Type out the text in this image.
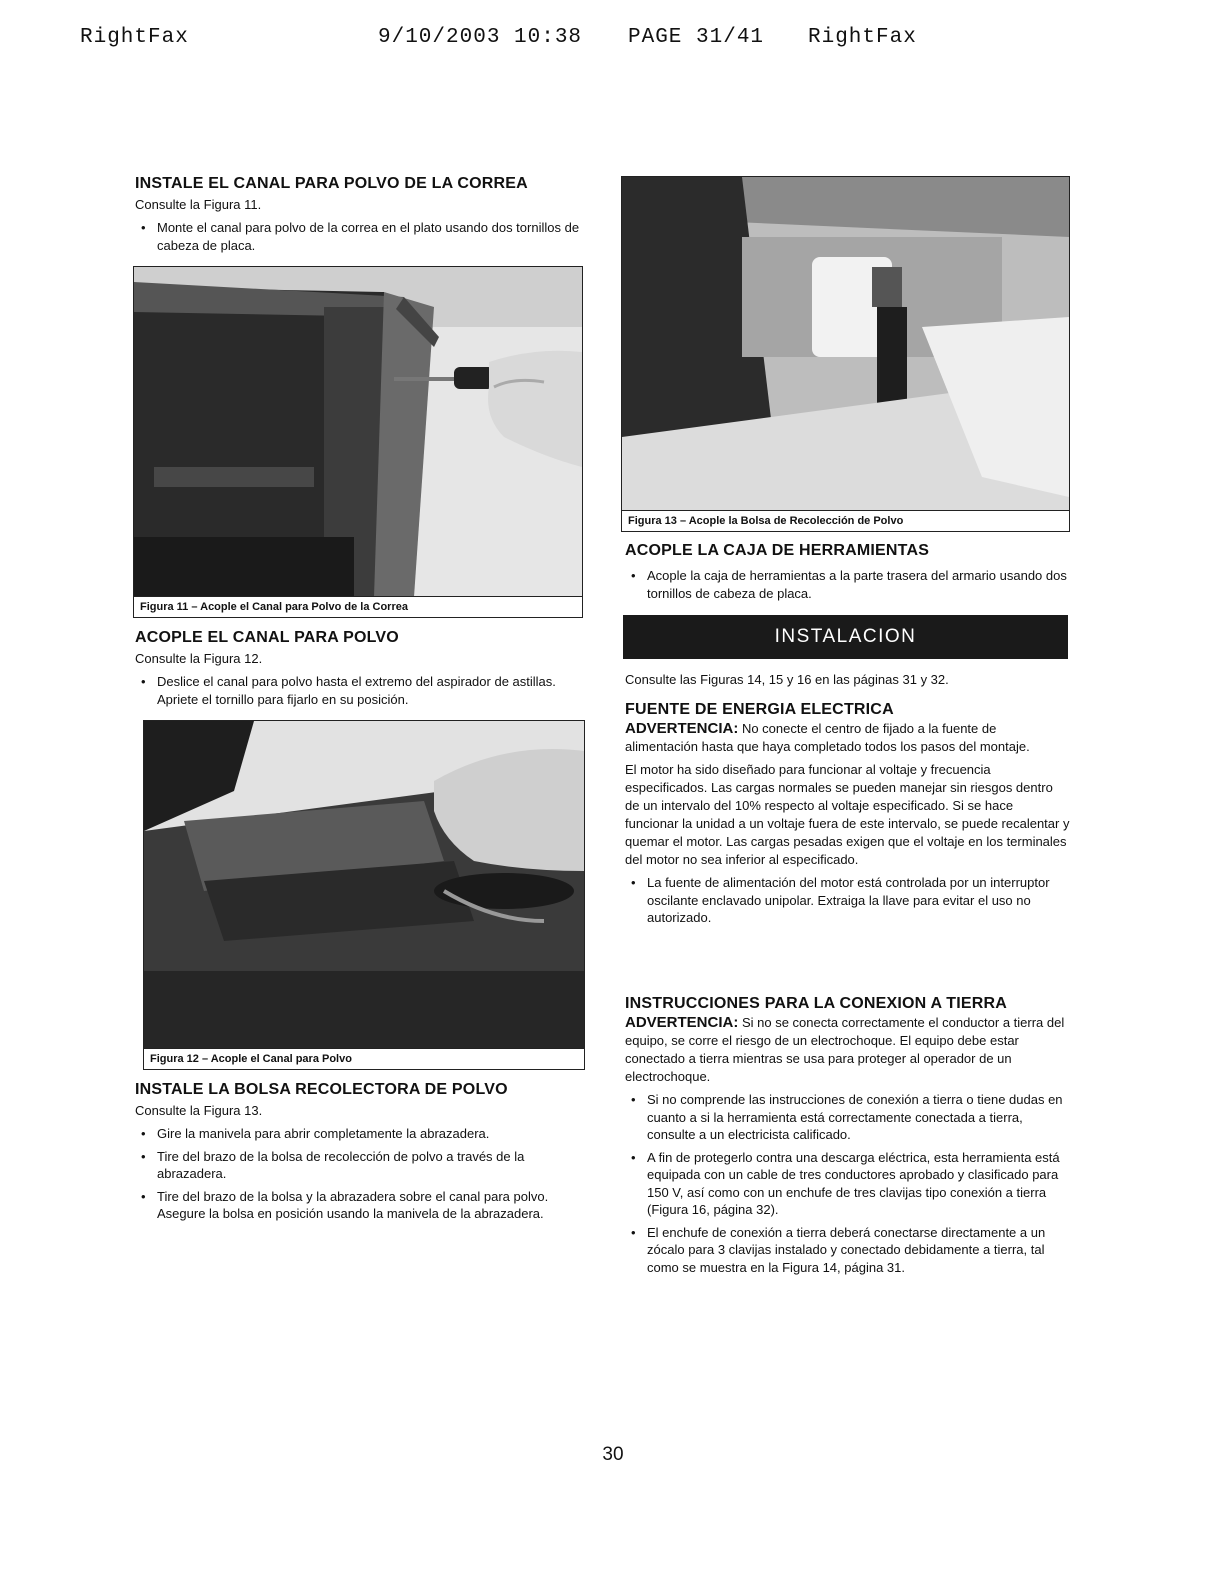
RightFax	9/10/2003 10:38 PAGE 31/41 RightFax
INSTALE EL CANAL PARA POLVO DE LA CORREA

Consulte la Figura 11.

• Monte el canal para polvo de la correa en el plato usando dos tornillos de cabeza de placa.
Figura 11 – Acople el Canal para Polvo de la Correa
ACOPLE EL CANAL PARA POLVO

Consulte la Figura 12.

• Deslice el canal para polvo hasta el extremo del aspirador de astillas. Apriete el tornillo para fijarlo en su posición.
Figura 12 – Acople el Canal para Polvo
INSTALE LA BOLSA RECOLECTORA DE POLVO

Consulte la Figura 13.

• Gire la manivela para abrir completamente la abrazadera.
• Tire del brazo de la bolsa de recolección de polvo a través de la abrazadera.
• Tire del brazo de la bolsa y la abrazadera sobre el canal para polvo. Asegure la bolsa en posición usando la manivela de la abrazadera.
Figura 13 – Acople la Bolsa de Recolección de Polvo
ACOPLE LA CAJA DE HERRAMIENTAS
• Acople la caja de herramientas a la parte trasera del armario usando dos tornillos de cabeza de placa.
INSTALACION

Consulte las Figuras 14, 15 y 16 en las páginas 31 y 32.

FUENTE DE ENERGIA ELECTRICA

ADVERTENCIA: No conecte el centro de fijado a la fuente de alimentación hasta que haya completado todos los pasos del montaje.

El motor ha sido diseñado para funcionar al voltaje y frecuencia especificados. Las cargas normales se pueden manejar sin riesgos dentro de un intervalo del 10% respecto al voltaje especificado. Si se hace funcionar la unidad a un voltaje fuera de este intervalo, se puede recalentar y quemar el motor. Las cargas pesadas exigen que el voltaje en los terminales del motor no sea inferior al especificado.

• La fuente de alimentación del motor está controlada por un interruptor oscilante enclavado unipolar. Extraiga la llave para evitar el uso no autorizado.
INSTRUCCIONES PARA LA CONEXION A TIERRA

ADVERTENCIA: Si no se conecta correctamente el conductor a tierra del equipo, se corre el riesgo de un electrochoque. El equipo debe estar conectado a tierra mientras se usa para proteger al operador de un electrochoque.

• Si no comprende las instrucciones de conexión a tierra o tiene dudas en cuanto a si la herramienta está correctamente conectada a tierra, consulte a un electricista calificado.
• A fin de protegerlo contra una descarga eléctrica, esta herramienta está equipada con un cable de tres conductores aprobado y clasificado para 150 V, así como con un enchufe de tres clavijas tipo conexión a tierra (Figura 16, página 32).
• El enchufe de conexión a tierra deberá conectarse directamente a un zócalo para 3 clavijas instalado y conectado debidamente a tierra, tal como se muestra en la Figura 14, página 31.
30
